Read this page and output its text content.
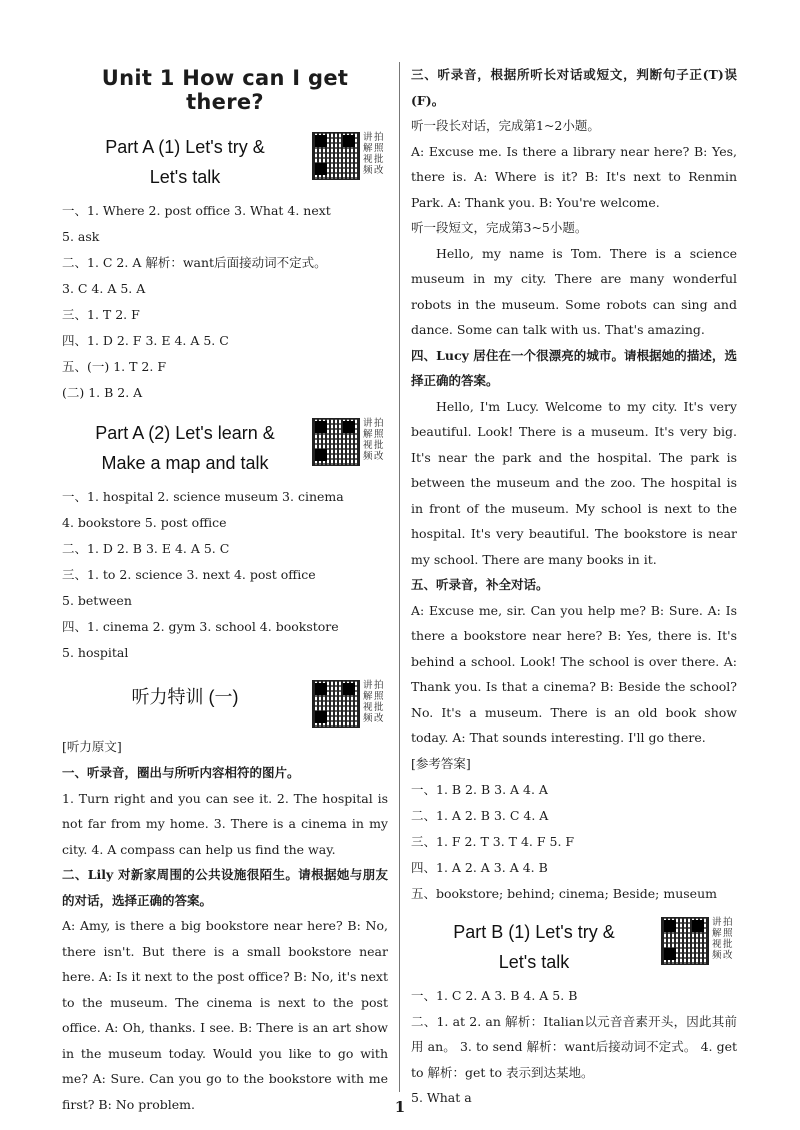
Unit 1 How can I get there?
Part A (1) Let's try &
Let's talk
讲
解
视
频
拍
照
批
改
一、1. Where 2. post office 3. What 4. next
5. ask
二、1. C 2. A 解析：want后面接动词不定式。
3. C 4. A 5. A
三、1. T 2. F
四、1. D 2. F 3. E 4. A 5. C
五、(一) 1. T 2. F
(二) 1. B 2. A
Part A (2) Let's learn &
Make a map and talk
讲
解
视
频
拍
照
批
改
一、1. hospital 2. science museum 3. cinema
4. bookstore 5. post office
二、1. D 2. B 3. E 4. A 5. C
三、1. to 2. science 3. next 4. post office
5. between
四、1. cinema 2. gym 3. school 4. bookstore
5. hospital
听力特训 (一)
讲
解
视
频
拍
照
批
改
[听力原文]
一、听录音，圈出与所听内容相符的图片。
1. Turn right and you can see it. 2. The hospital is not far from my home. 3. There is a cinema in my city. 4. A compass can help us find the way.
二、Lily 对新家周围的公共设施很陌生。请根据她与朋友的对话，选择正确的答案。
A: Amy, is there a big bookstore near here? B: No, there isn't. But there is a small bookstore near here. A: Is it next to the post office? B: No, it's next to the museum. The cinema is next to the post office. A: Oh, thanks. I see. B: There is an art show in the museum today. Would you like to go with me? A: Sure. Can you go to the bookstore with me first? B: No problem.
三、听录音，根据所听长对话或短文，判断句子正(T)误(F)。
听一段长对话，完成第1~2小题。
A: Excuse me. Is there a library near here? B: Yes, there is. A: Where is it? B: It's next to Renmin Park. A: Thank you. B: You're welcome.
听一段短文，完成第3~5小题。
Hello, my name is Tom. There is a science museum in my city. There are many wonderful robots in the museum. Some robots can sing and dance. Some can talk with us. That's amazing.
四、Lucy 居住在一个很漂亮的城市。请根据她的描述，选择正确的答案。
Hello, I'm Lucy. Welcome to my city. It's very beautiful. Look! There is a museum. It's very big. It's near the park and the hospital. The park is between the museum and the zoo. The hospital is in front of the museum. My school is next to the hospital. It's very beautiful. The bookstore is near my school. There are many books in it.
五、听录音，补全对话。
A: Excuse me, sir. Can you help me? B: Sure. A: Is there a bookstore near here? B: Yes, there is. It's behind a school. Look! The school is over there. A: Thank you. Is that a cinema? B: Beside the school? No. It's a museum. There is an old book show today. A: That sounds interesting. I'll go there.
[参考答案]
一、1. B 2. B 3. A 4. A
二、1. A 2. B 3. C 4. A
三、1. F 2. T 3. T 4. F 5. F
四、1. A 2. A 3. A 4. B
五、bookstore; behind; cinema; Beside; museum
Part B (1) Let's try &
Let's talk
讲
解
视
频
拍
照
批
改
一、1. C 2. A 3. B 4. A 5. B
二、1. at 2. an 解析：Italian以元音音素开头，因此其前用 an。 3. to send 解析：want后接动词不定式。 4. get to 解析：get to 表示到达某地。
5. What a
1
